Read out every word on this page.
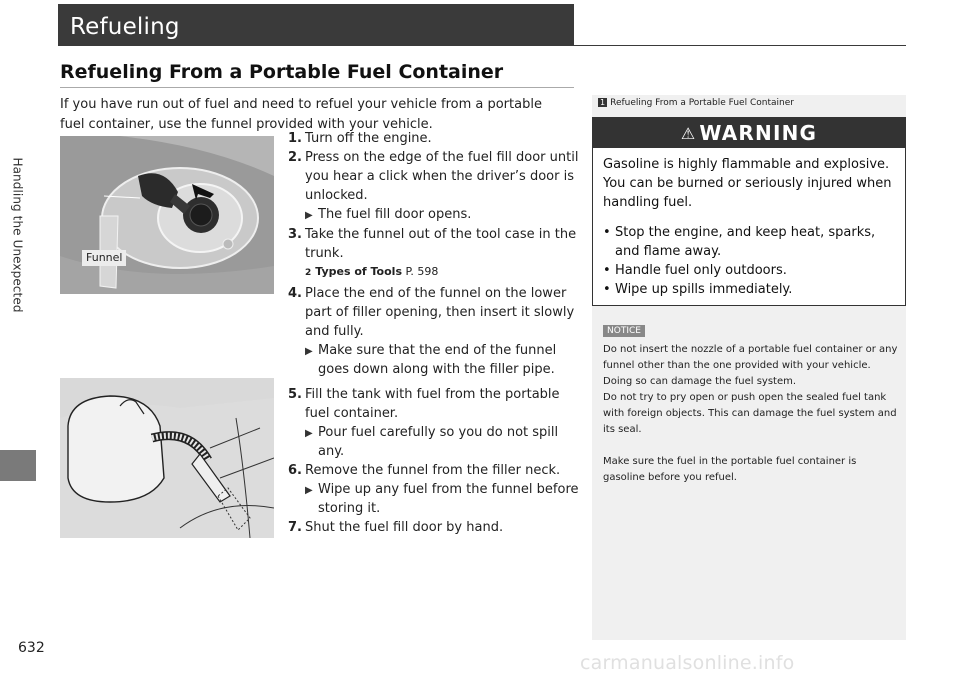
Handling the Unexpected
Refueling
Refueling From a Portable Fuel Container
If you have run out of fuel and need to refuel your vehicle from a portable fuel container, use the funnel provided with your vehicle.
Funnel
1. Turn off the engine.
2. Press on the edge of the fuel fill door until you hear a click when the driver’s door is unlocked.
▶ The fuel fill door opens.
3. Take the funnel out of the tool case in the trunk.
2 Types of Tools P. 598
4. Place the end of the funnel on the lower part of filler opening, then insert it slowly and fully.
▶ Make sure that the end of the funnel goes down along with the filler pipe.
5. Fill the tank with fuel from the portable fuel container.
▶ Pour fuel carefully so you do not spill any.
6. Remove the funnel from the filler neck.
▶ Wipe up any fuel from the funnel before storing it.
7. Shut the fuel fill door by hand.
1 Refueling From a Portable Fuel Container
⚠ WARNING
Gasoline is highly flammable and explosive. You can be burned or seriously injured when handling fuel.
• Stop the engine, and keep heat, sparks, and flame away.
• Handle fuel only outdoors.
• Wipe up spills immediately.
NOTICE
Do not insert the nozzle of a portable fuel container or any funnel other than the one provided with your vehicle. Doing so can damage the fuel system.
Do not try to pry open or push open the sealed fuel tank with foreign objects. This can damage the fuel system and its seal.
Make sure the fuel in the portable fuel container is gasoline before you refuel.
632
carmanualsonline.info
